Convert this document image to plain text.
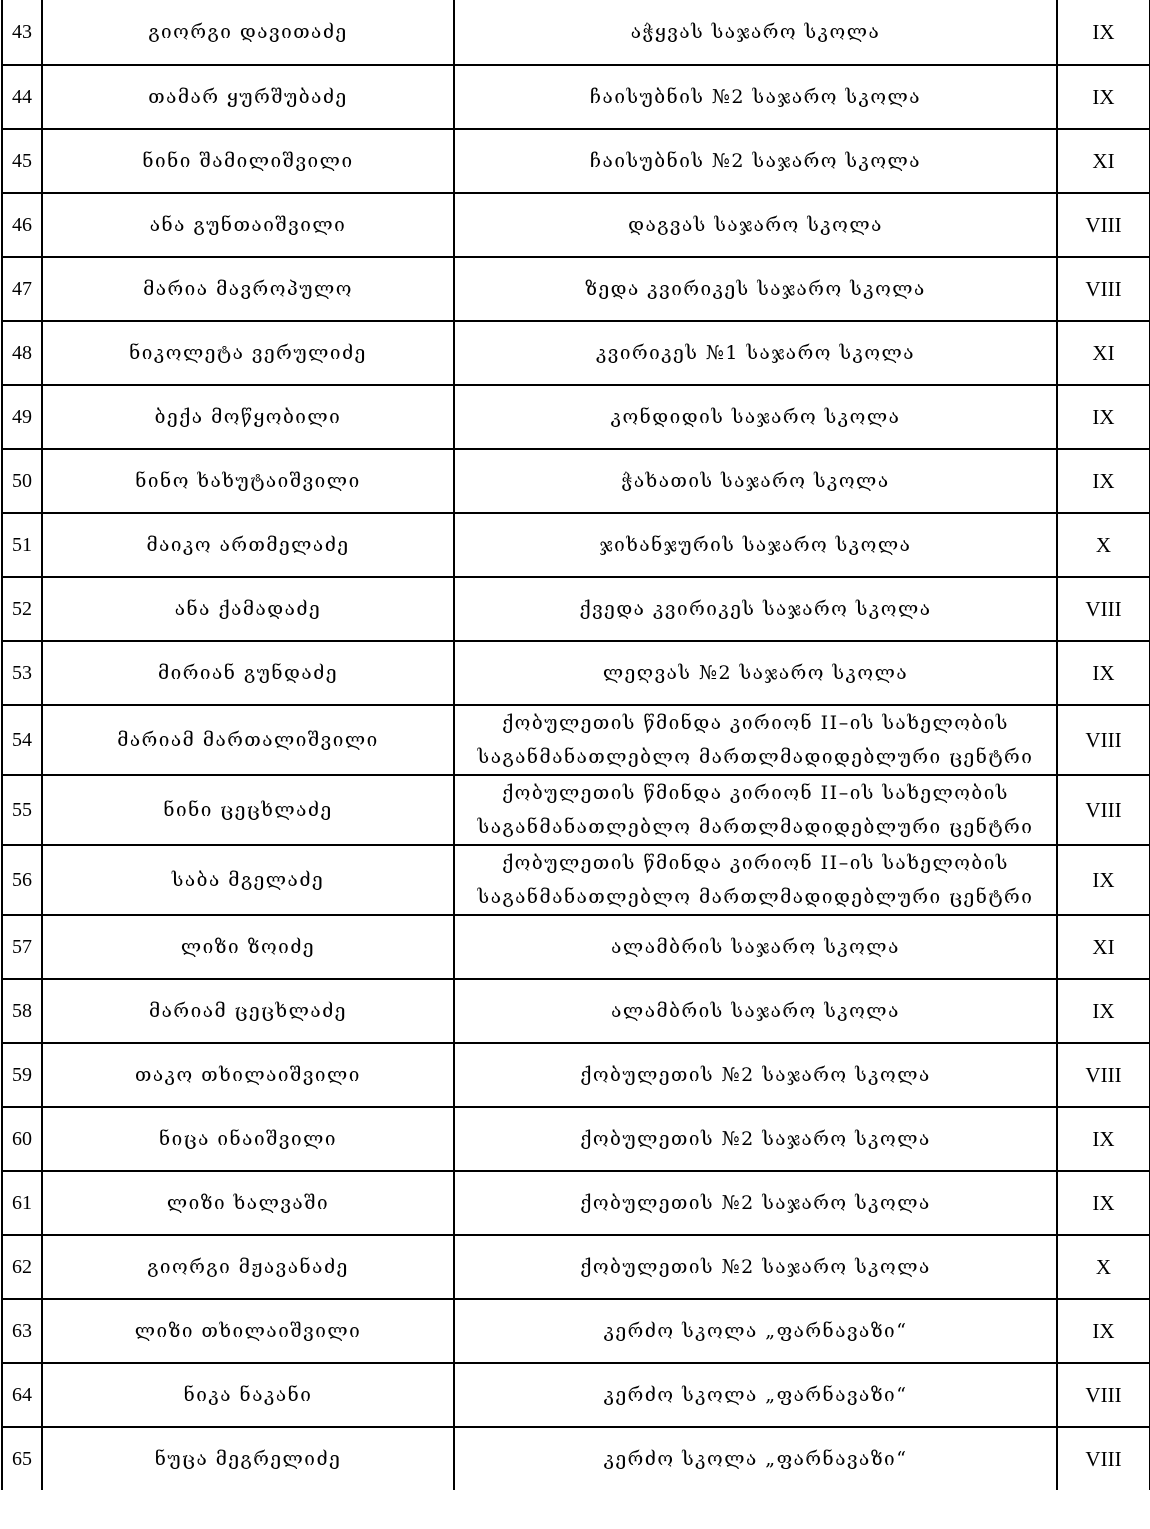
43	გიორგი დავითაძე	აჭყვას საჯარო სკოლა	IX
44	თამარ ყურშუბაძე	ჩაისუბნის №2 საჯარო სკოლა	IX
45	ნინი შამილიშვილი	ჩაისუბნის №2 საჯარო სკოლა	XI
46	ანა გუნთაიშვილი	დაგვას საჯარო სკოლა	VIII
47	მარია მავროპულო	ზედა კვირიკეს საჯარო სკოლა	VIII
48	ნიკოლეტა ვერულიძე	კვირიკეს №1 საჯარო სკოლა	XI
49	ბექა მოწყობილი	კონდიდის საჯარო სკოლა	IX
50	ნინო ხახუტაიშვილი	ჭახათის საჯარო სკოლა	IX
51	მაიკო ართმელაძე	ჯიხანჯურის საჯარო სკოლა	X
52	ანა ქამადაძე	ქვედა კვირიკეს საჯარო სკოლა	VIII
53	მირიან გუნდაძე	ლეღვას №2 საჯარო სკოლა	IX
54	მარიამ მართალიშვილი	ქობულეთის წმინდა კირიონ II–ის სახელობის
საგანმანათლებლო მართლმადიდებლური ცენტრი	VIII
55	ნინი ცეცხლაძე	ქობულეთის წმინდა კირიონ II–ის სახელობის
საგანმანათლებლო მართლმადიდებლური ცენტრი	VIII
56	საბა მგელაძე	ქობულეთის წმინდა კირიონ II–ის სახელობის
საგანმანათლებლო მართლმადიდებლური ცენტრი	IX
57	ლიზი ზოიძე	ალამბრის საჯარო სკოლა	XI
58	მარიამ ცეცხლაძე	ალამბრის საჯარო სკოლა	IX
59	თაკო თხილაიშვილი	ქობულეთის №2 საჯარო სკოლა	VIII
60	ნიცა ინაიშვილი	ქობულეთის №2 საჯარო სკოლა	IX
61	ლიზი ხალვაში	ქობულეთის №2 საჯარო სკოლა	IX
62	გიორგი მჟავანაძე	ქობულეთის №2 საჯარო სკოლა	X
63	ლიზი თხილაიშვილი	კერძო სკოლა „ფარნავაზი“	IX
64	ნიკა ნაკანი	კერძო სკოლა „ფარნავაზი“	VIII
65	ნუცა მეგრელიძე	კერძო სკოლა „ფარნავაზი“	VIII
